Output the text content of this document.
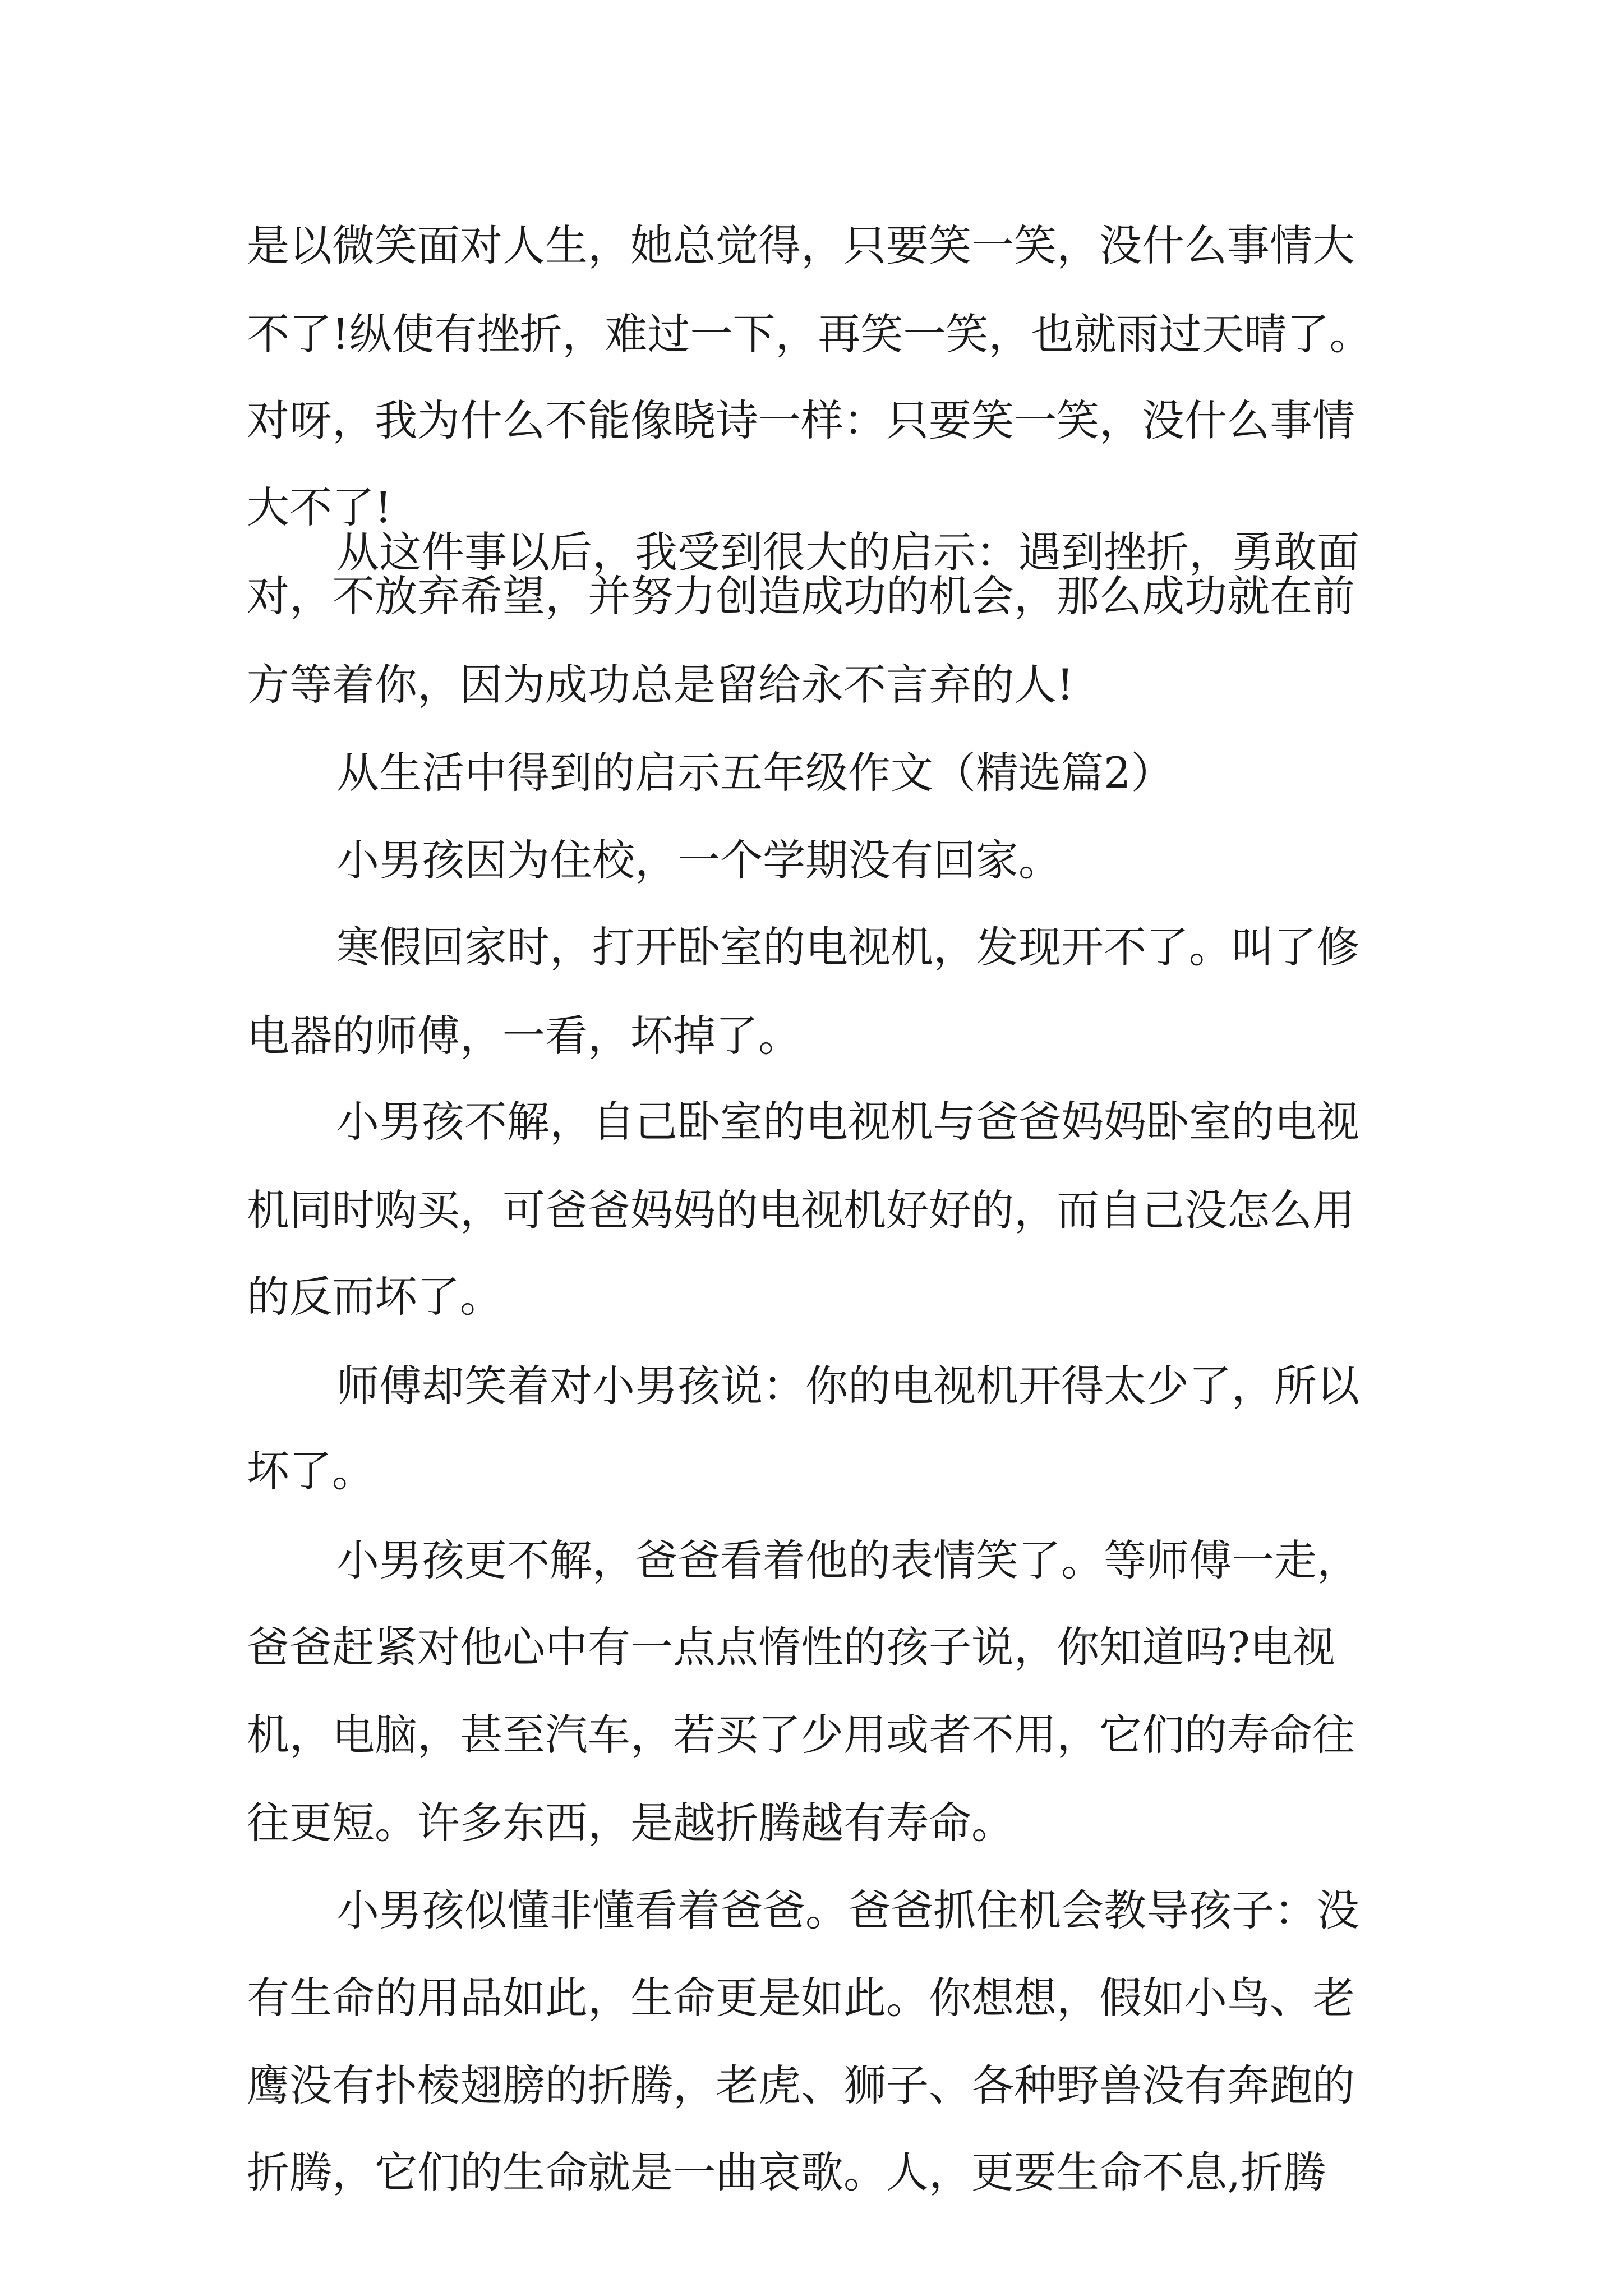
是以微笑面对人生，她总觉得，只要笑一笑，没什么事情大
不了!纵使有挫折，难过一下，再笑一笑，也就雨过天晴了。
对呀，我为什么不能像晓诗一样：只要笑一笑，没什么事情
大不了!
从这件事以后，我受到很大的启示：遇到挫折，勇敢面
对，不放弃希望，并努力创造成功的机会，那么成功就在前
方等着你，因为成功总是留给永不言弃的人!
从生活中得到的启示五年级作文（精选篇2）
小男孩因为住校，一个学期没有回家。
寒假回家时，打开卧室的电视机，发现开不了。叫了修
电器的师傅，一看，坏掉了。
小男孩不解，自己卧室的电视机与爸爸妈妈卧室的电视
机同时购买，可爸爸妈妈的电视机好好的，而自己没怎么用
的反而坏了。
师傅却笑着对小男孩说：你的电视机开得太少了，所以
坏了。
小男孩更不解，爸爸看着他的表情笑了。等师傅一走，
爸爸赶紧对他心中有一点点惰性的孩子说，你知道吗?电视
机，电脑，甚至汽车，若买了少用或者不用，它们的寿命往
往更短。许多东西，是越折腾越有寿命。
小男孩似懂非懂看着爸爸。爸爸抓住机会教导孩子：没
有生命的用品如此，生命更是如此。你想想，假如小鸟、老
鹰没有扑棱翅膀的折腾，老虎、狮子、各种野兽没有奔跑的
折腾，它们的生命就是一曲哀歌。人，更要生命不息,折腾
